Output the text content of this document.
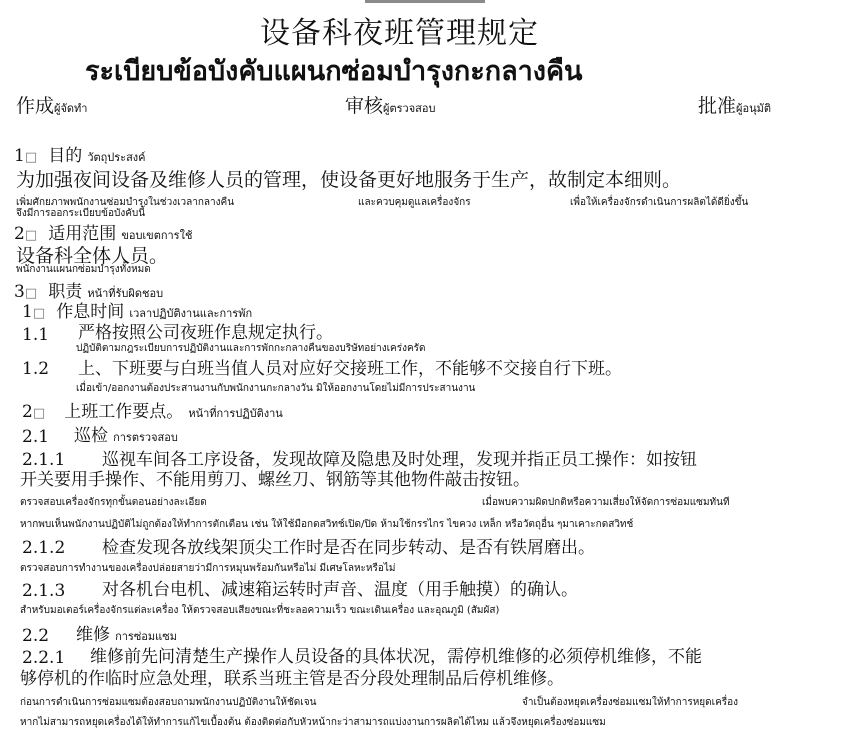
设备科夜班管理规定
ระเบียบข้อบังคับแผนกซ่อมบำรุงกะกลางคืน
作成ผู้จัดทำ	审核ผู้ตรวจสอบ	批准ผู้อนุมัติ
1□ 目的 วัตถุประสงค์
为加强夜间设备及维修人员的管理，使设备更好地服务于生产，故制定本细则。
เพิ่มศักยภาพพนักงานซ่อมบำรุงในช่วงเวลากลางคืน	และควบคุมดูแลเครื่องจักร	เพื่อให้เครื่องจักรดำเนินการผลิตได้ดียิ่งขึ้น
จึงมีการออกระเบียบข้อบังคับนี้
2□ 适用范围 ขอบเขตการใช้
设备科全体人员。
พนักงานแผนกซ่อมบำรุงทั้งหมด
3□ 职责 หน้าที่รับผิดชอบ
1□ 作息时间 เวลาปฏิบัติงานและการพัก
1.1 严格按照公司夜班作息规定执行。
ปฏิบัติตามกฎระเบียบการปฏิบัติงานและการพักกะกลางคืนของบริษัทอย่างเคร่งครัด
1.2 上、下班要与白班当值人员对应好交接班工作，不能够不交接自行下班。
เมื่อเข้า/ออกงานต้องประสานงานกับพนักงานกะกลางวัน มิให้ออกงานโดยไม่มีการประสานงาน
2□ 上班工作要点。 หน้าที่การปฏิบัติงาน
2.1 巡检 การตรวจสอบ
2.1.1 巡视车间各工序设备，发现故障及隐患及时处理，发现并指正员工操作：如按钮
开关要用手操作、不能用剪刀、螺丝刀、钢筋等其他物件敲击按钮。
ตรวจสอบเครื่องจักรทุกขั้นตอนอย่างละเอียด	เมื่อพบความผิดปกติหรือความเสี่ยงให้จัดการซ่อมแซมทันที
หากพบเห็นพนักงานปฏิบัติไม่ถูกต้องให้ทำการตักเตือน เช่น ให้ใช้มือกดสวิทช์เปิด/ปิด ห้ามใช้กรรไกร ไขควง เหล็ก หรือวัตถุอื่น ๆมาเคาะกดสวิทช์
2.1.2 检查发现各放线架顶尖工作时是否在同步转动、是否有铁屑磨出。
ตรวจสอบการทำงานของเครื่องปล่อยสายว่ามีการหมุนพร้อมกันหรือไม่ มีเศษโลหะหรือไม่
2.1.3 对各机台电机、减速箱运转时声音、温度（用手触摸）的确认。
สำหรับมอเตอร์เครื่องจักรแต่ละเครื่อง ให้ตรวจสอบเสียงขณะที่ชะลอความเร็ว ขณะเดินเครื่อง และอุณภูมิ (สัมผัส)
2.2 维修 การซ่อมแซม
2.2.1 维修前先问清楚生产操作人员设备的具体状况，需停机维修的必须停机维修，不能
够停机的作临时应急处理，联系当班主管是否分段处理制品后停机维修。
ก่อนการดำเนินการซ่อมแซมต้องสอบถามพนักงานปฏิบัติงานให้ชัดเจน	จำเป็นต้องหยุดเครื่องซ่อมแซมให้ทำการหยุดเครื่อง
หากไม่สามารถหยุดเครื่องได้ให้ทำการแก้ไขเบื้องต้น ต้องติดต่อกับหัวหน้ากะว่าสามารถแบ่งงานการผลิตได้ไหม แล้วจึงหยุดเครื่องซ่อมแซม
